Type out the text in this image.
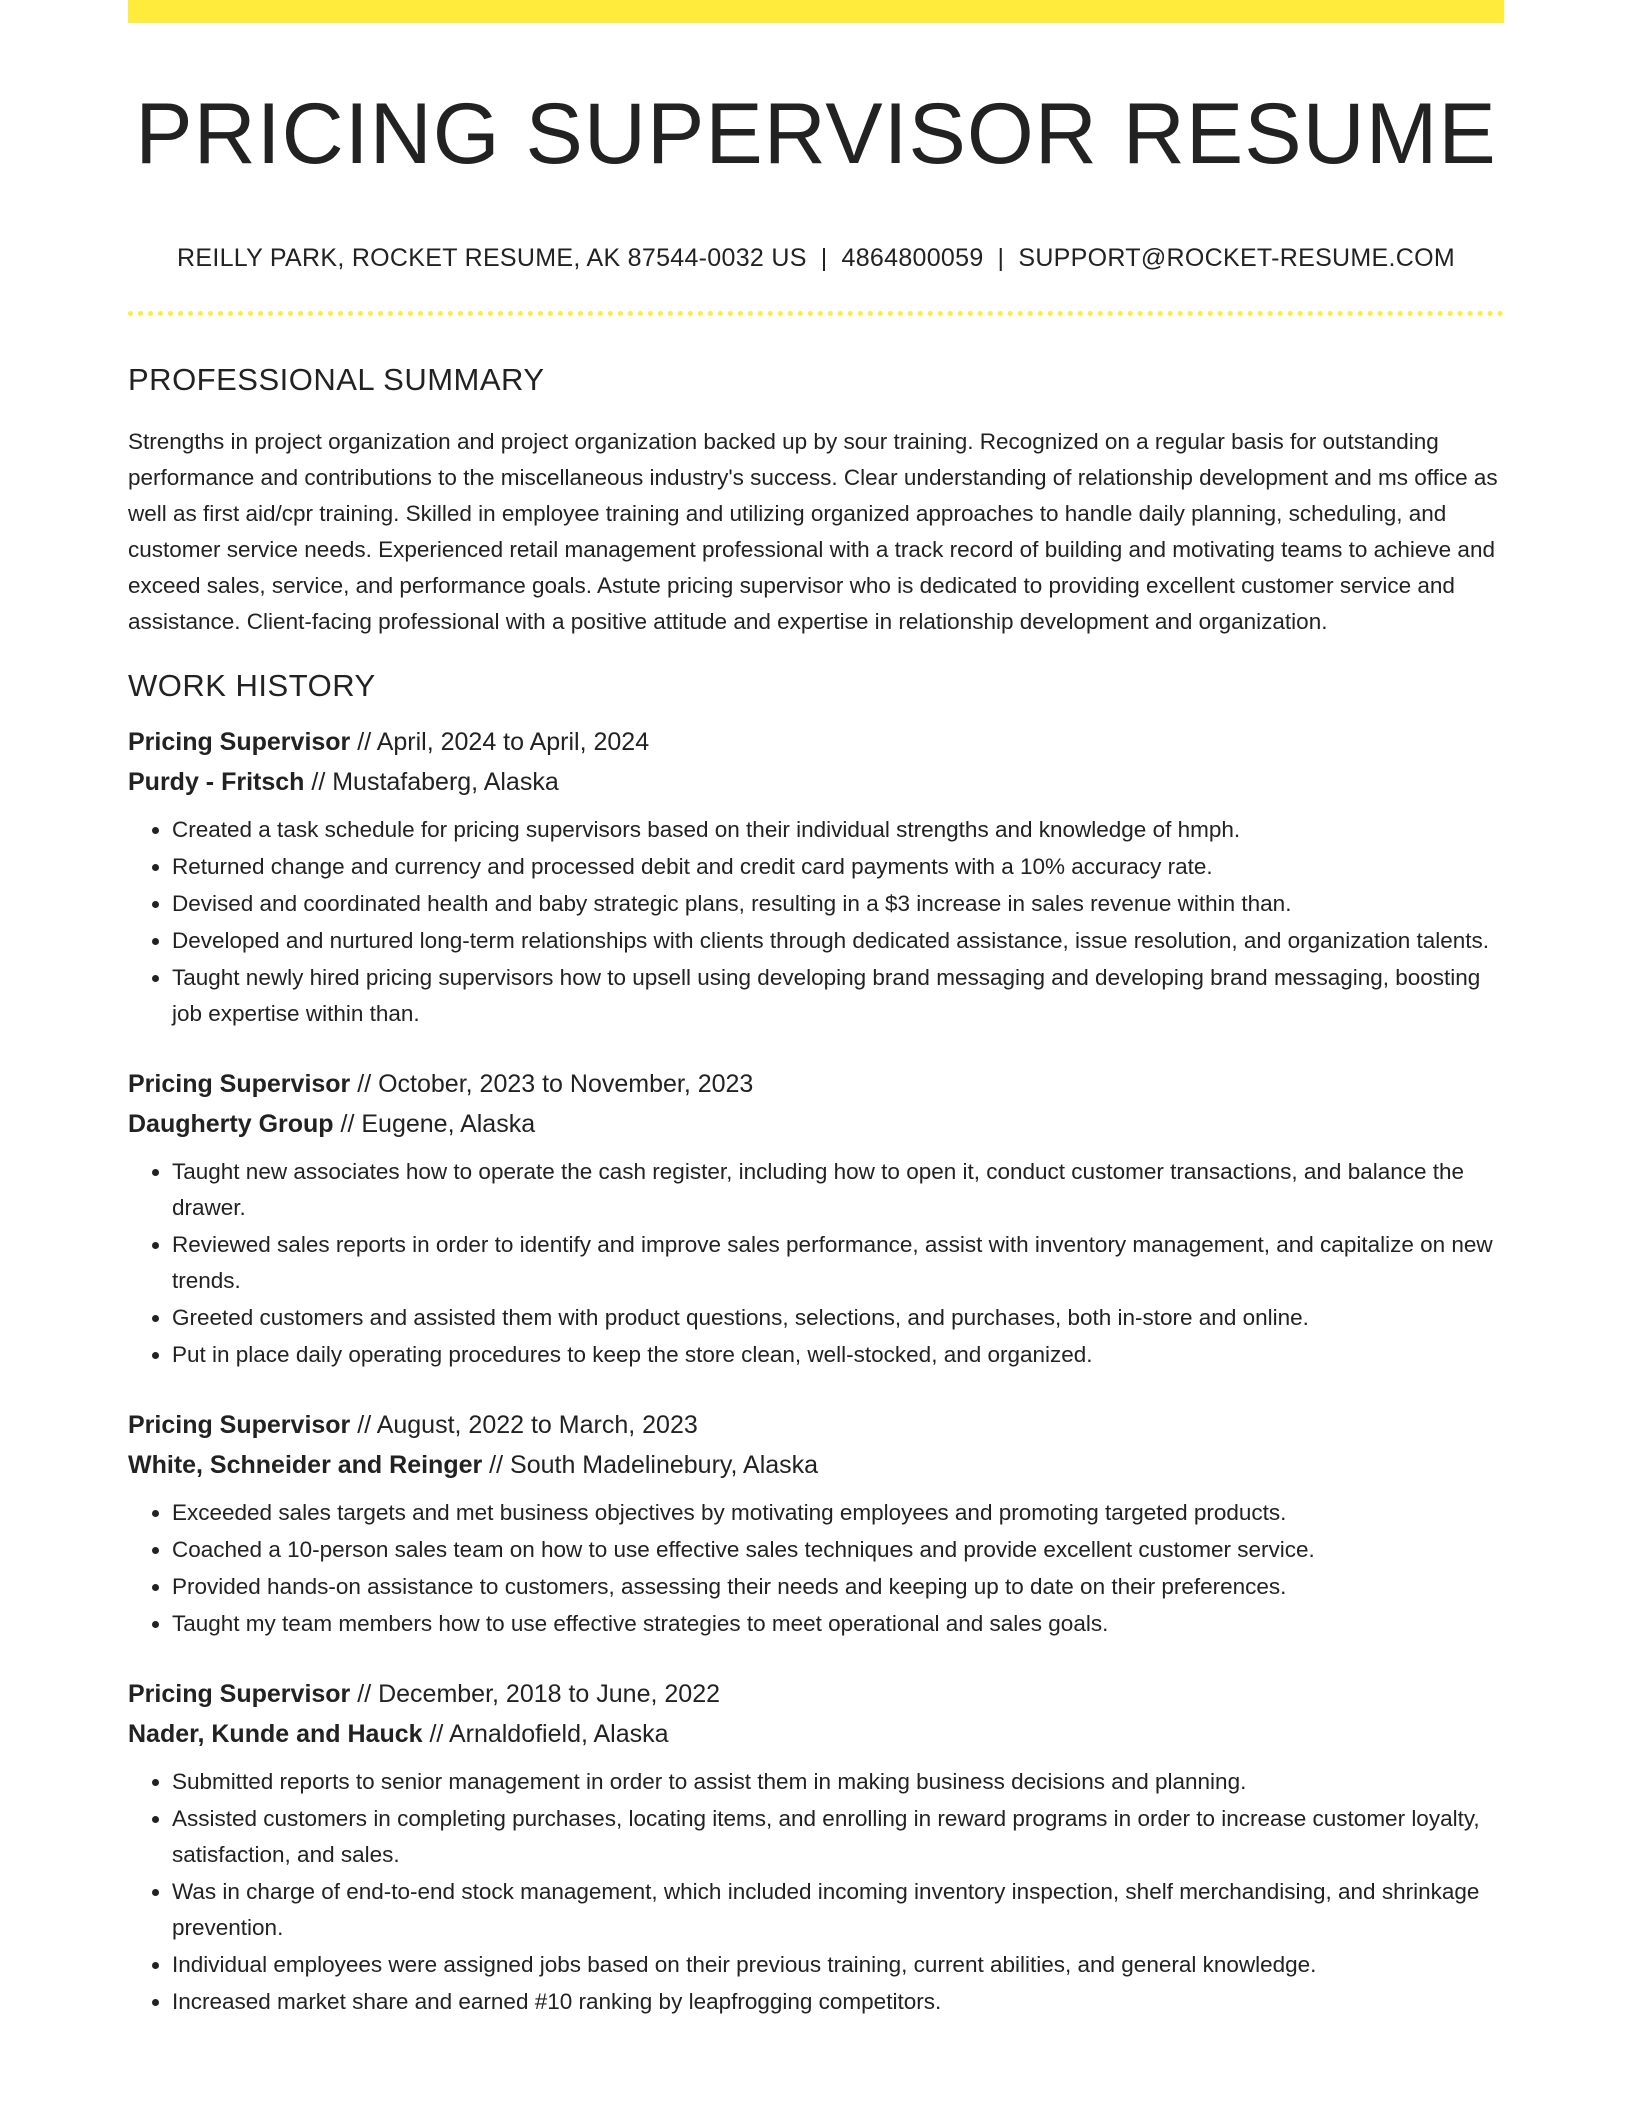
PRICING SUPERVISOR RESUME
REILLY PARK, ROCKET RESUME, AK 87544-0032 US | 4864800059 | SUPPORT@ROCKET-RESUME.COM
PROFESSIONAL SUMMARY

Strengths in project organization and project organization backed up by sour training. Recognized on a regular basis for outstanding performance and contributions to the miscellaneous industry's success. Clear understanding of relationship development and ms office as well as first aid/cpr training. Skilled in employee training and utilizing organized approaches to handle daily planning, scheduling, and customer service needs. Experienced retail management professional with a track record of building and motivating teams to achieve and exceed sales, service, and performance goals. Astute pricing supervisor who is dedicated to providing excellent customer service and assistance. Client-facing professional with a positive attitude and expertise in relationship development and organization.

WORK HISTORY
Pricing Supervisor // April, 2024 to April, 2024
Purdy - Fritsch // Mustafaberg, Alaska
• Created a task schedule for pricing supervisors based on their individual strengths and knowledge of hmph.
• Returned change and currency and processed debit and credit card payments with a 10% accuracy rate.
• Devised and coordinated health and baby strategic plans, resulting in a $3 increase in sales revenue within than.
• Developed and nurtured long-term relationships with clients through dedicated assistance, issue resolution, and organization talents.
• Taught newly hired pricing supervisors how to upsell using developing brand messaging and developing brand messaging, boosting job expertise within than.
Pricing Supervisor // October, 2023 to November, 2023
Daugherty Group // Eugene, Alaska
• Taught new associates how to operate the cash register, including how to open it, conduct customer transactions, and balance the drawer.
• Reviewed sales reports in order to identify and improve sales performance, assist with inventory management, and capitalize on new trends.
• Greeted customers and assisted them with product questions, selections, and purchases, both in-store and online.
• Put in place daily operating procedures to keep the store clean, well-stocked, and organized.
Pricing Supervisor // August, 2022 to March, 2023
White, Schneider and Reinger // South Madelinebury, Alaska
• Exceeded sales targets and met business objectives by motivating employees and promoting targeted products.
• Coached a 10-person sales team on how to use effective sales techniques and provide excellent customer service.
• Provided hands-on assistance to customers, assessing their needs and keeping up to date on their preferences.
• Taught my team members how to use effective strategies to meet operational and sales goals.
Pricing Supervisor // December, 2018 to June, 2022
Nader, Kunde and Hauck // Arnaldofield, Alaska
• Submitted reports to senior management in order to assist them in making business decisions and planning.
• Assisted customers in completing purchases, locating items, and enrolling in reward programs in order to increase customer loyalty, satisfaction, and sales.
• Was in charge of end-to-end stock management, which included incoming inventory inspection, shelf merchandising, and shrinkage prevention.
• Individual employees were assigned jobs based on their previous training, current abilities, and general knowledge.
• Increased market share and earned #10 ranking by leapfrogging competitors.
